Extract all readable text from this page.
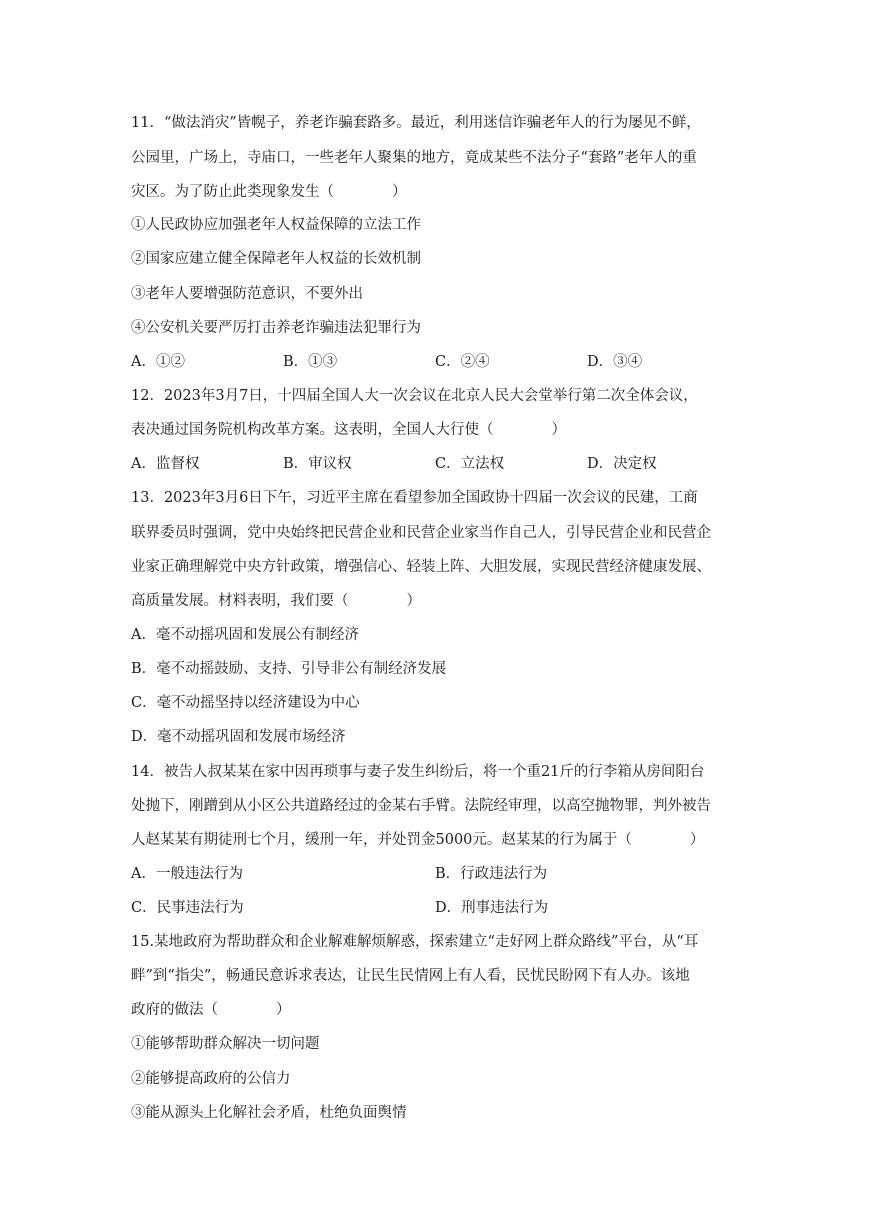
11．“做法消灾”皆幌子，养老诈骗套路多。最近，利用迷信诈骗老年人的行为屡见不鲜，
公园里，广场上，寺庙口，一些老年人聚集的地方，竟成某些不法分子“套路”老年人的重
灾区。为了防止此类现象发生（　　　　）
①人民政协应加强老年人权益保障的立法工作
②国家应建立健全保障老年人权益的长效机制
③老年人要增强防范意识，不要外出
④公安机关要严厉打击养老诈骗违法犯罪行为
A．①②	B．①③	C．②④	D．③④
12．2023年3月7日，十四届全国人大一次会议在北京人民大会堂举行第二次全体会议，
表决通过国务院机构改革方案。这表明，全国人大行使（　　　　）
A．监督权	B．审议权	C．立法权	D．决定权
13．2023年3月6日下午，习近平主席在看望参加全国政协十四届一次会议的民建，工商
联界委员时强调，党中央始终把民营企业和民营企业家当作自己人，引导民营企业和民营企
业家正确理解党中央方针政策，增强信心、轻装上阵、大胆发展，实现民营经济健康发展、
高质量发展。材料表明，我们要（　　　　）
A．毫不动摇巩固和发展公有制经济
B．毫不动摇鼓励、支持、引导非公有制经济发展
C．毫不动摇坚持以经济建设为中心
D．毫不动摇巩固和发展市场经济
14．被告人叔某某在家中因再琐事与妻子发生纠纷后，将一个重21斤的行李箱从房间阳台
处抛下，刚蹭到从小区公共道路经过的金某右手臂。法院经审理，以高空抛物罪，判外被告
人赵某某有期徒刑七个月，缓刑一年，并处罚金5000元。赵某某的行为属于（　　　　）
A．一般违法行为	B．行政违法行为
C．民事违法行为	D．刑事违法行为
15.某地政府为帮助群众和企业解难解烦解惑，探索建立“走好网上群众路线”平台，从“耳
畔”到“指尖”，畅通民意诉求表达，让民生民情网上有人看，民忧民盼网下有人办。该地
政府的做法（　　　　）
①能够帮助群众解决一切问题
②能够提高政府的公信力
③能从源头上化解社会矛盾，杜绝负面舆情
